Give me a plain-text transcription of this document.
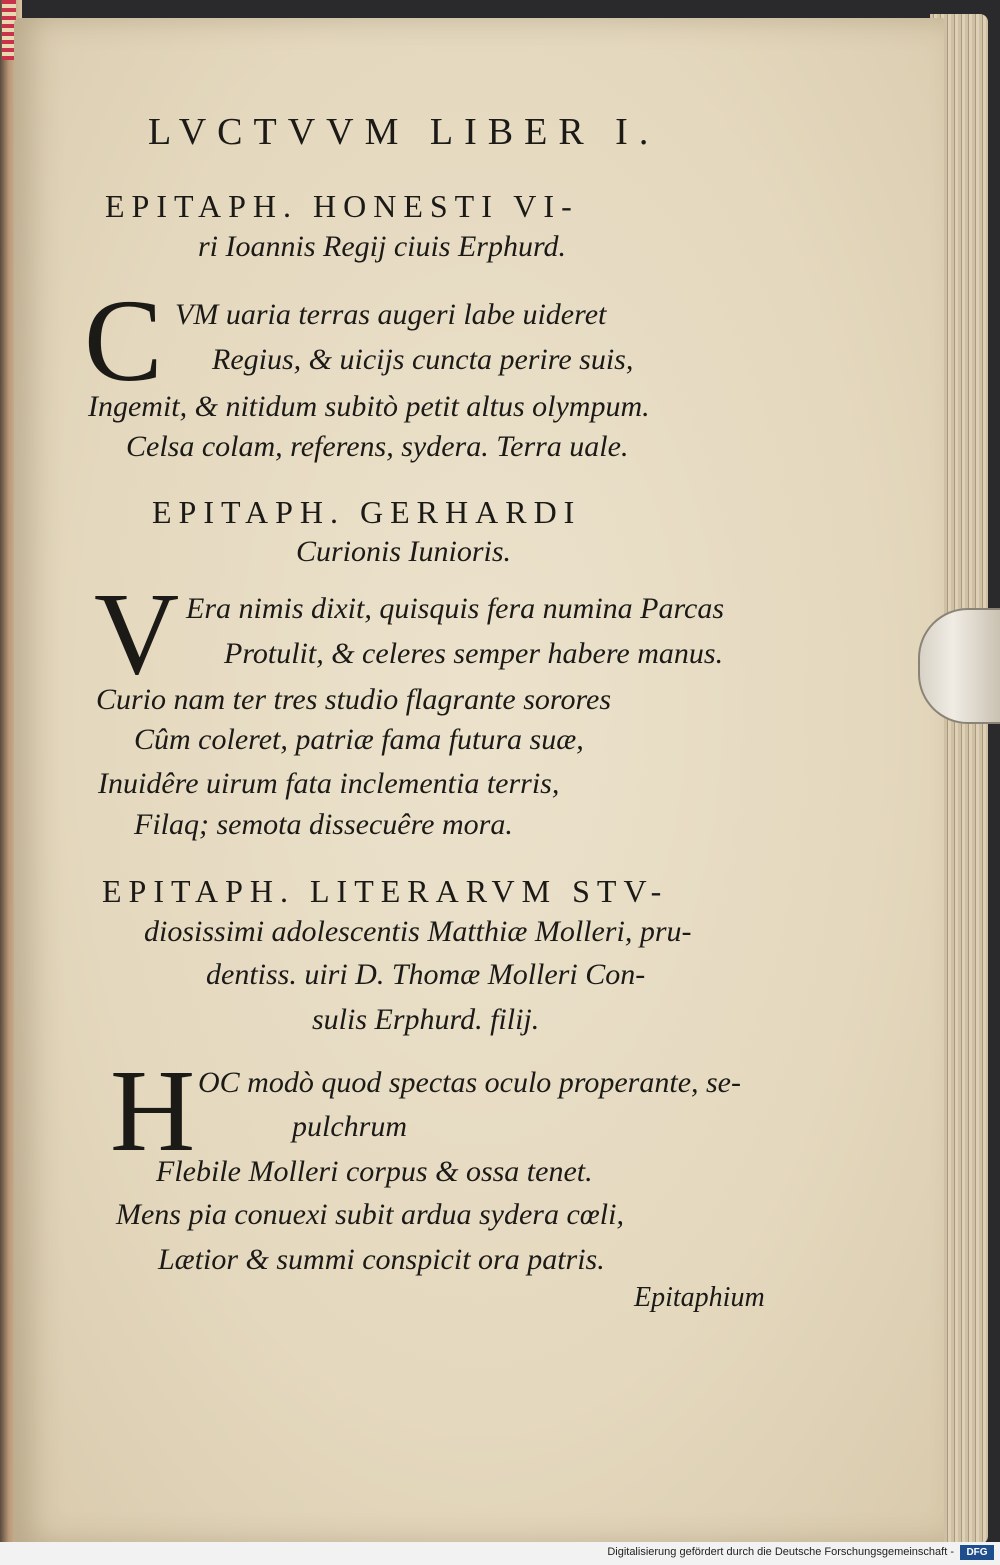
LVCTVVM LIBER I.
EPITAPH. HONESTI VI-
ri Ioannis Regij ciuis Erphurd.
C VM uaria terras augeri labe uideret
Regius, & uicijs cuncta perire suis,
Ingemit, & nitidum subitò petit altus olympum.
Celsa colam, referens, sydera. Terra uale.
EPITAPH. GERHARDI
Curionis Iunioris.
V Era nimis dixit, quisquis fera numina Parcas
Protulit, & celeres semper habere manus.
Curio nam ter tres studio flagrante sorores
Cûm coleret, patriæ fama futura suæ,
Inuidêre uirum fata inclementia terris,
Filaq; semota dissecuêre mora.
EPITAPH. LITERARVM STV-
diosissimi adolescentis Matthiæ Molleri, pru-
dentiss. uiri D. Thomæ Molleri Con-
sulis Erphurd. filij.
H OC modò quod spectas oculo properante, se-
pulchrum
Flebile Molleri corpus & ossa tenet.
Mens pia conuexi subit ardua sydera cœli,
Lætior & summi conspicit ora patris.
Epitaphium
Digitalisierung gefördert durch die Deutsche Forschungsgemeinschaft -	DFG
